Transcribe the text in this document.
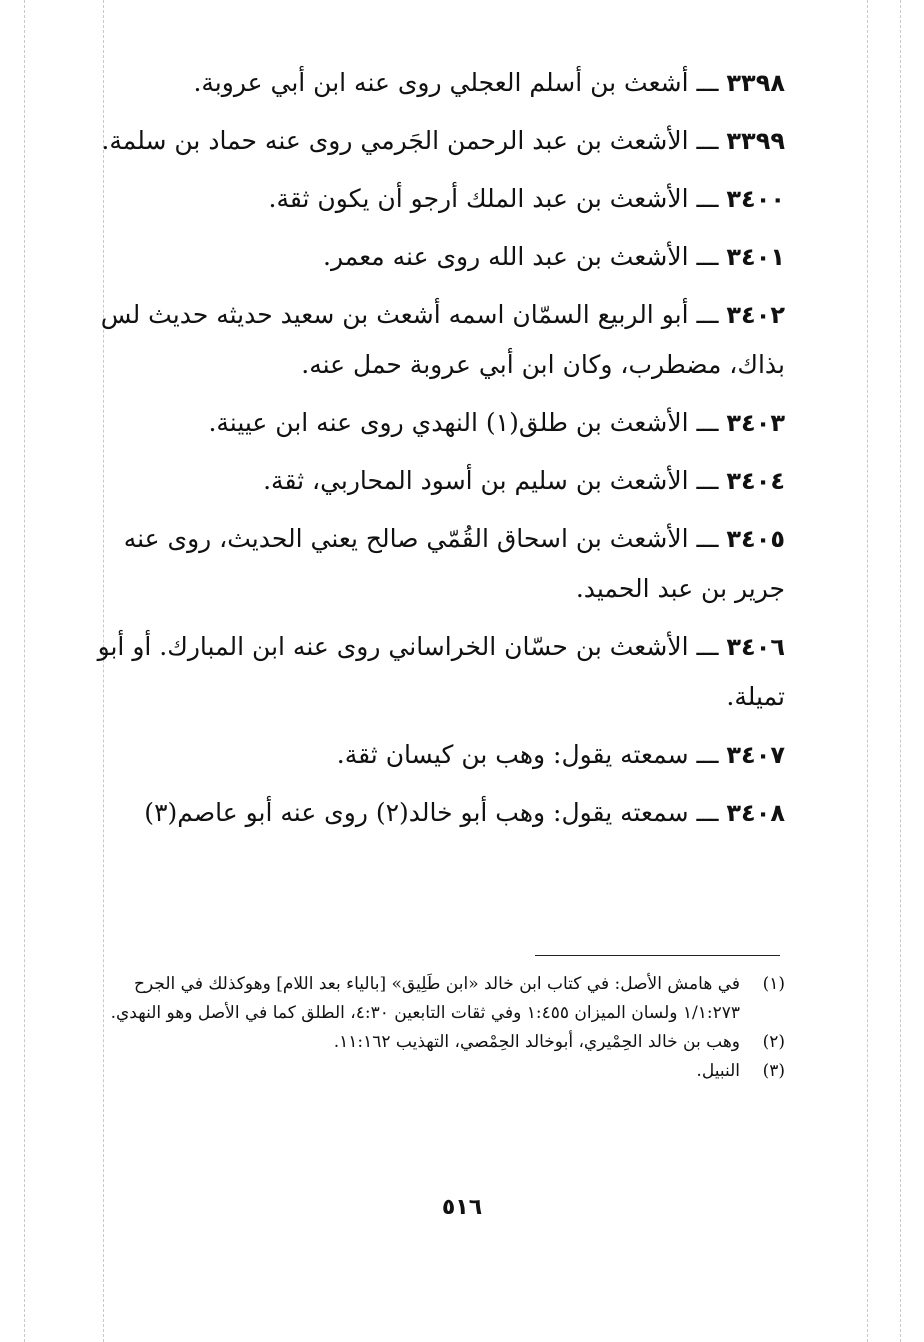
٣٣٩٨ ـــ أشعث بن أسلم العجلي روى عنه ابن أبي عروبة.
٣٣٩٩ ـــ الأشعث بن عبد الرحمن الجَرمي روى عنه حماد بن سلمة.
٣٤٠٠ ـــ الأشعث بن عبد الملك أرجو أن يكون ثقة.
٣٤٠١ ـــ الأشعث بن عبد الله روى عنه معمر.
٣٤٠٢ ـــ أبو الربيع السمّان اسمه أشعث بن سعيد حديثه حديث لس بذاك، مضطرب، وكان ابن أبي عروبة حمل عنه.
٣٤٠٣ ـــ الأشعث بن طلق(١) النهدي روى عنه ابن عيينة.
٣٤٠٤ ـــ الأشعث بن سليم بن أسود المحاربي، ثقة.
٣٤٠٥ ـــ الأشعث بن اسحاق القُمّي صالح يعني الحديث، روى عنه جرير بن عبد الحميد.
٣٤٠٦ ـــ الأشعث بن حسّان الخراساني روى عنه ابن المبارك. أو أبو تميلة.
٣٤٠٧ ـــ سمعته يقول: وهب بن كيسان ثقة.
٣٤٠٨ ـــ سمعته يقول: وهب أبو خالد(٢) روى عنه أبو عاصم(٣)
(١)
في هامش الأصل: في كتاب ابن خالد «ابن طَلِيق» [بالياء بعد اللام] وهوكذلك في الجرح ١/١:٢٧٣ ولسان الميزان ١:٤٥٥ وفي ثقات التابعين ٤:٣٠، الطلق كما في الأصل وهو النهدي.
(٢)
وهب بن خالد الحِمْيري، أبوخالد الحِمْصي، التهذيب ١١:١٦٢.
(٣)
النبيل.
٥١٦
